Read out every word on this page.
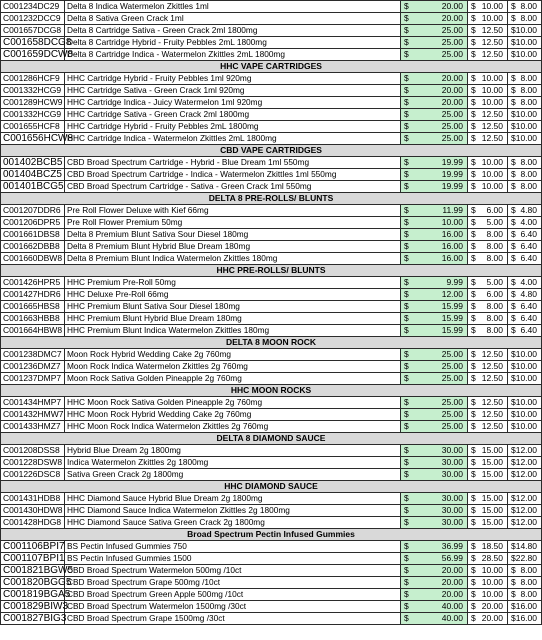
C001234DC29	Delta 8 Indica Watermelon Zkittles 1ml	$ 20.00	$ 10.00	$ 8.00

C001232DCC9	Delta 8 Sativa Green Crack 1ml	$ 20.00	$ 10.00	$ 8.00

C001657DCG8	Delta 8 Cartridge Sativa - Green Crack 2ml 1800mg	$ 25.00	$ 12.50	$ 10.00

C001658DCG8	Delta 8 Cartridge Hybrid - Fruity Pebbles 2mL 1800mg	$ 25.00	$ 12.50	$ 10.00

C001659DCW8	Delta 8 Cartridge Indica - Watermelon Zkittles 2mL 1800mg	$ 25.00	$ 12.50	$ 10.00

HHC VAPE CARTRIDGES				
C001286HCF9	HHC Cartridge Hybrid - Fruity Pebbles 1ml 920mg	$ 20.00	$ 10.00	$ 8.00

C001332HCG9	HHC Cartridge Sativa - Green Crack 1ml 920mg	$ 20.00	$ 10.00	$ 8.00

C001289HCW9	HHC Cartridge Indica - Juicy Watermelon 1ml 920mg	$ 20.00	$ 10.00	$ 8.00

C001332HCG9	HHC Cartridge Sativa - Green Crack 2ml 1800mg	$ 25.00	$ 12.50	$ 10.00

C001655HCF8	HHC Cartridge Hybrid - Fruity Pebbles 2mL 1800mg	$ 25.00	$ 12.50	$ 10.00

C001656HCW8	HHC Cartridge Indica - Watermelon Zkittles 2mL 1800mg	$ 25.00	$ 12.50	$ 10.00

CBD VAPE CARTRIDGES				
001402BCB5	CBD Broad Spectrum Cartridge - Hybrid - Blue Dream 1ml 550mg	$ 19.99	$ 10.00	$ 8.00

001404BCZ5	CBD Broad Spectrum Cartridge - Indica - Watermelon Zkittles 1ml 550mg	$ 19.99	$ 10.00	$ 8.00

001401BCG5	CBD Broad Spectrum Cartridge - Sativa - Green Crack 1ml 550mg	$ 19.99	$ 10.00	$ 8.00

DELTA 8 PRE-ROLLS/ BLUNTS				
C001207DDR6	Pre Roll Flower Deluxe with Kief 66mg	$ 11.99	$ 6.00	$ 4.80

C001206DPR5	Pre Roll Flower Premium 50mg	$ 10.00	$ 5.00	$ 4.00

C001661DBS8	Delta 8 Premium Blunt Sativa Sour Diesel 180mg	$ 16.00	$ 8.00	$ 6.40

C001662DBB8	Delta 8 Premium Blunt Hybrid Blue Dream 180mg	$ 16.00	$ 8.00	$ 6.40

C001660DBW8	Delta 8 Premium Blunt Indica Watermelon Zkittles 180mg	$ 16.00	$ 8.00	$ 6.40

HHC PRE-ROLLS/ BLUNTS				
C001426HPR5	HHC Premium Pre-Roll 50mg	$ 9.99	$ 5.00	$ 4.00

C001427HDR6	HHC Deluxe Pre-Roll 66mg	$ 12.00	$ 6.00	$ 4.80

C001665HBS8	HHC Premium Blunt Sativa Sour Diesel 180mg	$ 15.99	$ 8.00	$ 6.40

C001663HBB8	HHC Premium Blunt Hybrid Blue Dream 180mg	$ 15.99	$ 8.00	$ 6.40

C001664HBW8	HHC Premium Blunt Indica Watermelon Zkittles 180mg	$ 15.99	$ 8.00	$ 6.40

DELTA 8 MOON ROCK				
C001238DMC7	Moon Rock Hybrid Wedding Cake 2g 760mg	$ 25.00	$ 12.50	$ 10.00

C001236DMZ7	Moon Rock Indica Watermelon Zkittles 2g 760mg	$ 25.00	$ 12.50	$ 10.00

C001237DMP7	Moon Rock Sativa Golden Pineapple 2g 760mg	$ 25.00	$ 12.50	$ 10.00

HHC MOON ROCKS				
C001434HMP7	HHC Moon Rock Sativa Golden Pineapple 2g 760mg	$ 25.00	$ 12.50	$ 10.00

C001432HMW7	HHC Moon Rock Hybrid Wedding Cake 2g 760mg	$ 25.00	$ 12.50	$ 10.00

C001433HMZ7	HHC Moon Rock Indica Watermelon Zkittles 2g 760mg	$ 25.00	$ 12.50	$ 10.00

DELTA 8 DIAMOND SAUCE				
C001208DSS8	Hybrid Blue Dream 2g 1800mg	$ 30.00	$ 15.00	$ 12.00

C001228DSW8	Indica Watermelon Zkittles 2g 1800mg	$ 30.00	$ 15.00	$ 12.00

C001226DSC8	Sativa Green Crack 2g 1800mg	$ 30.00	$ 15.00	$ 12.00

HHC DIAMOND SAUCE				
C001431HDB8	HHC Diamond Sauce Hybrid Blue Dream 2g 1800mg	$ 30.00	$ 15.00	$ 12.00

C001430HDW8	HHC Diamond Sauce Indica Watermelon Zkittles 2g 1800mg	$ 30.00	$ 15.00	$ 12.00

C001428HDG8	HHC Diamond Sauce Sativa Green Crack 2g 1800mg	$ 30.00	$ 15.00	$ 12.00

Broad Spectrum Pectin Infused Gummies				
C001106BPI7	BS Pectin Infused Gummies 750	$ 36.99	$ 18.50	$ 14.80

C001107BPI1	BS Pectin Infused Gummies 1500	$ 56.99	$ 28.50	$ 22.80

C001821BGW5	CBD Broad Spectrum Watermelon 500mg /10ct	$ 20.00	$ 10.00	$ 8.00

C001820BGG5	CBD Broad Spectrum Grape 500mg /10ct	$ 20.00	$ 10.00	$ 8.00

C001819BGA5	CBD Broad Spectrum Green Apple 500mg /10ct	$ 20.00	$ 10.00	$ 8.00

C001829BIW3	CBD Broad Spectrum Watermelon 1500mg /30ct	$ 40.00	$ 20.00	$ 16.00

C001827BIG3	CBD Broad Spectrum Grape 1500mg /30ct	$ 40.00	$ 20.00	$ 16.00
